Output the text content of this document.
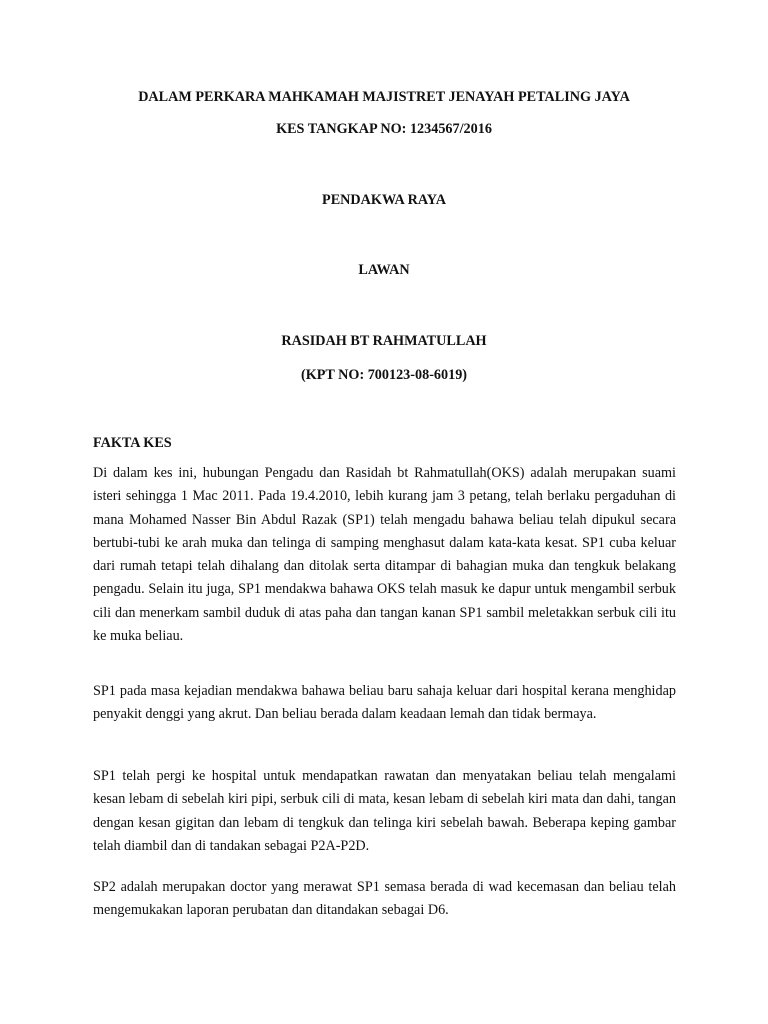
DALAM PERKARA MAHKAMAH MAJISTRET JENAYAH PETALING JAYA
KES TANGKAP NO: 1234567/2016
PENDAKWA RAYA
LAWAN
RASIDAH BT RAHMATULLAH
(KPT NO: 700123-08-6019)
FAKTA KES
Di dalam kes ini, hubungan Pengadu dan Rasidah bt Rahmatullah(OKS) adalah merupakan suami isteri sehingga 1 Mac 2011. Pada 19.4.2010, lebih kurang jam 3 petang, telah berlaku pergaduhan di mana Mohamed Nasser Bin Abdul Razak (SP1) telah mengadu bahawa beliau telah dipukul secara bertubi-tubi ke arah muka dan telinga di samping menghasut dalam kata-kata kesat. SP1 cuba keluar dari rumah tetapi telah dihalang dan ditolak serta ditampar di bahagian muka dan tengkuk belakang pengadu. Selain itu juga, SP1 mendakwa bahawa OKS telah masuk ke dapur untuk mengambil serbuk cili dan menerkam sambil duduk di atas paha dan tangan kanan SP1 sambil meletakkan serbuk cili itu ke muka beliau.
SP1 pada masa kejadian mendakwa bahawa beliau baru sahaja keluar dari hospital kerana menghidap penyakit denggi yang akrut. Dan beliau berada dalam keadaan lemah dan tidak bermaya.
SP1 telah pergi ke hospital untuk mendapatkan rawatan dan menyatakan beliau telah mengalami kesan lebam di sebelah kiri pipi, serbuk cili di mata, kesan lebam di sebelah kiri mata dan dahi, tangan dengan kesan gigitan dan lebam di tengkuk dan telinga kiri sebelah bawah. Beberapa keping gambar telah diambil dan di tandakan sebagai P2A-P2D.
SP2 adalah merupakan doctor yang merawat SP1 semasa berada di wad kecemasan dan beliau telah mengemukakan laporan perubatan dan ditandakan sebagai D6.
